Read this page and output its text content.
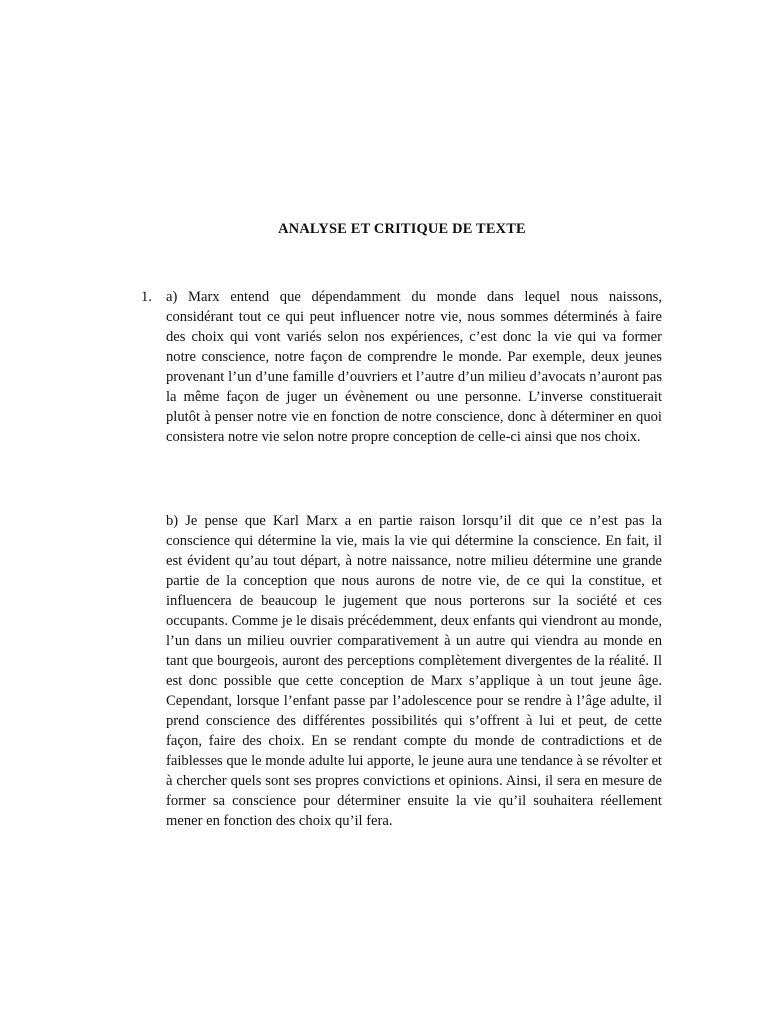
ANALYSE ET CRITIQUE DE TEXTE
1. a) Marx entend que dépendamment du monde dans lequel nous naissons, considérant tout ce qui peut influencer notre vie, nous sommes déterminés à faire des choix qui vont variés selon nos expériences, c’est donc la vie qui va former notre conscience, notre façon de comprendre le monde. Par exemple, deux jeunes provenant l’un d’une famille d’ouvriers et l’autre d’un milieu d’avocats n’auront pas la même façon de juger un évènement ou une personne. L’inverse constituerait plutôt à penser notre vie en fonction de notre conscience, donc à déterminer en quoi consistera notre vie selon notre propre conception de celle-ci ainsi que nos choix.

b) Je pense que Karl Marx a en partie raison lorsqu’il dit que ce n’est pas la conscience qui détermine la vie, mais la vie qui détermine la conscience. En fait, il est évident qu’au tout départ, à notre naissance, notre milieu détermine une grande partie de la conception que nous aurons de notre vie, de ce qui la constitue, et influencera de beaucoup le jugement que nous porterons sur la société et ces occupants. Comme je le disais précédemment, deux enfants qui viendront au monde, l’un dans un milieu ouvrier comparativement à un autre qui viendra au monde en tant que bourgeois, auront des perceptions complètement divergentes de la réalité. Il est donc possible que cette conception de Marx s’applique à un tout jeune âge. Cependant, lorsque l’enfant passe par l’adolescence pour se rendre à l’âge adulte, il prend conscience des différentes possibilités qui s’offrent à lui et peut, de cette façon, faire des choix. En se rendant compte du monde de contradictions et de faiblesses que le monde adulte lui apporte, le jeune aura une tendance à se révolter et à chercher quels sont ses propres convictions et opinions. Ainsi, il sera en mesure de former sa conscience pour déterminer ensuite la vie qu’il souhaitera réellement mener en fonction des choix qu’il fera.
